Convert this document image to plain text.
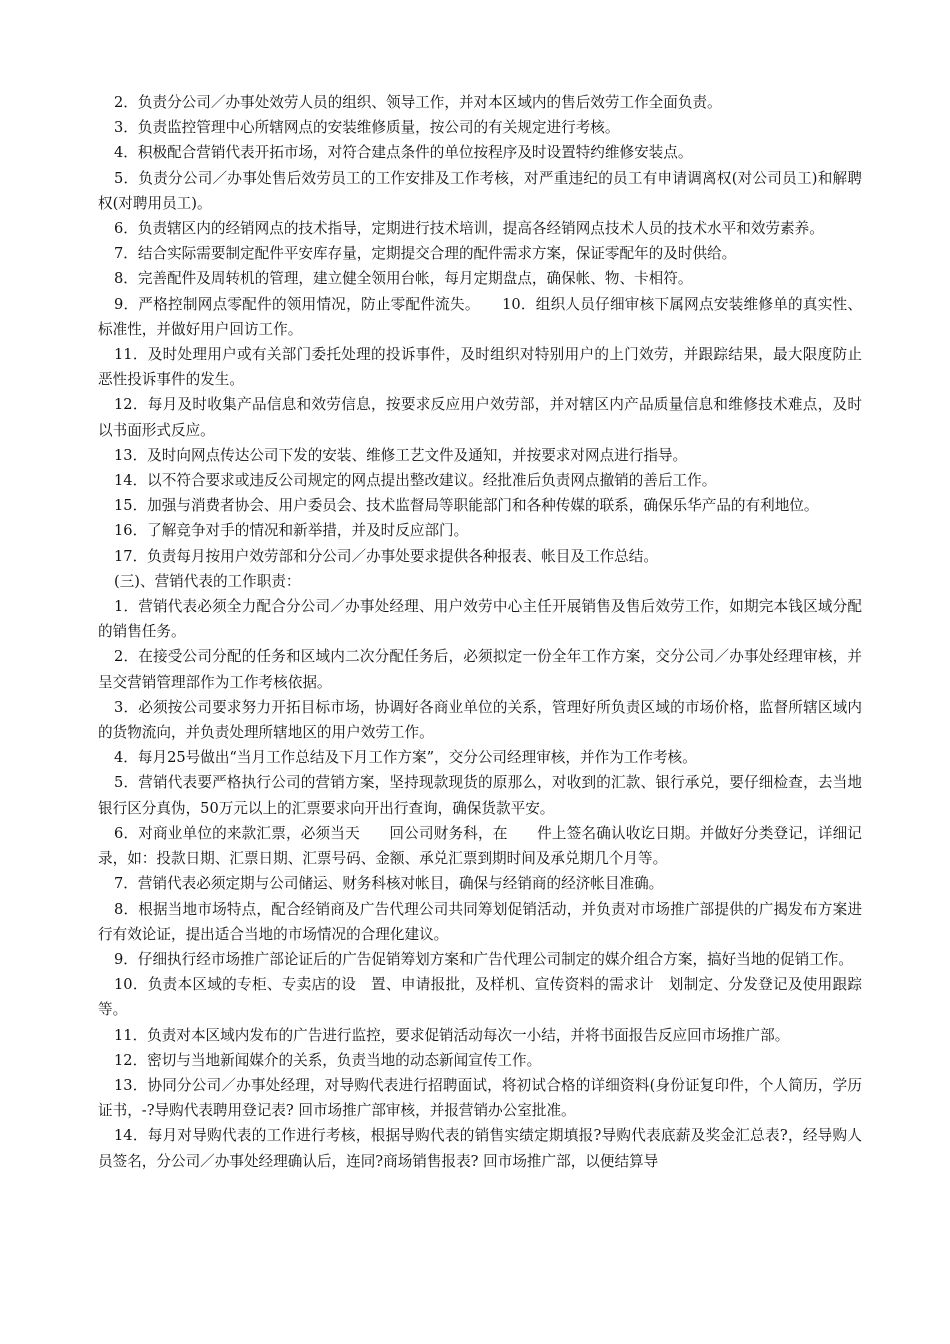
2．负责分公司／办事处效劳人员的组织、领导工作，并对本区域内的售后效劳工作全面负责。

3．负责监控管理中心所辖网点的安装维修质量，按公司的有关规定进行考核。

4．积极配合营销代表开拓市场，对符合建点条件的单位按程序及时设置特约维修安装点。

5．负责分公司／办事处售后效劳员工的工作安排及工作考核，对严重违纪的员工有申请调离权(对公司员工)和解聘权(对聘用员工)。

6．负责辖区内的经销网点的技术指导，定期进行技术培训，提高各经销网点技术人员的技术水平和效劳素养。

7．结合实际需要制定配件平安库存量，定期提交合理的配件需求方案，保证零配年的及时供给。

8．完善配件及周转机的管理，建立健全领用台帐，每月定期盘点，确保帐、物、卡相符。

9．严格控制网点零配件的领用情况，防止零配件流失。　　10．组织人员仔细审核下属网点安装维修单的真实性、标准性，并做好用户回访工作。

11．及时处理用户或有关部门委托处理的投诉事件，及时组织对特别用户的上门效劳，并跟踪结果，最大限度防止恶性投诉事件的发生。

12．每月及时收集产品信息和效劳信息，按要求反应用户效劳部，并对辖区内产品质量信息和维修技术难点，及时以书面形式反应。

13．及时向网点传达公司下发的安装、维修工艺文件及通知，并按要求对网点进行指导。

14．以不符合要求或违反公司规定的网点提出整改建议。经批准后负责网点撤销的善后工作。

15．加强与消费者协会、用户委员会、技术监督局等职能部门和各种传媒的联系，确保乐华产品的有利地位。

16．了解竞争对手的情况和新举措，并及时反应部门。

17．负责每月按用户效劳部和分公司／办事处要求提供各种报表、帐目及工作总结。

(三)、营销代表的工作职责：

1．营销代表必须全力配合分公司／办事处经理、用户效劳中心主任开展销售及售后效劳工作，如期完本钱区域分配的销售任务。

2．在接受公司分配的任务和区域内二次分配任务后，必须拟定一份全年工作方案，交分公司／办事处经理审核，并呈交营销管理部作为工作考核依据。

3．必须按公司要求努力开拓目标市场，协调好各商业单位的关系，管理好所负责区域的市场价格，监督所辖区域内的货物流向，并负责处理所辖地区的用户效劳工作。

4．每月25号做出“当月工作总结及下月工作方案”，交分公司经理审核，并作为工作考核。

5．营销代表要严格执行公司的营销方案，坚持现款现货的原那么，对收到的汇款、银行承兑，要仔细检查，去当地银行区分真伪，50万元以上的汇票要求向开出行查询，确保货款平安。

6．对商业单位的来款汇票，必须当天　　回公司财务科，在　　件上签名确认收讫日期。并做好分类登记，详细记录，如：投款日期、汇票日期、汇票号码、金额、承兑汇票到期时间及承兑期几个月等。

7．营销代表必须定期与公司储运、财务科核对帐目，确保与经销商的经济帐目准确。

8．根据当地市场特点，配合经销商及广告代理公司共同筹划促销活动，并负责对市场推广部提供的广揭发布方案进行有效论证，提出适合当地的市场情况的合理化建议。

9．仔细执行经市场推广部论证后的广告促销筹划方案和广告代理公司制定的媒介组合方案，搞好当地的促销工作。

10．负责本区域的专柜、专卖店的设　置、申请报批，及样机、宣传资料的需求计　划制定、分发登记及使用跟踪等。

11．负责对本区域内发布的广告进行监控，要求促销活动每次一小结，并将书面报告反应回市场推广部。

12．密切与当地新闻媒介的关系，负责当地的动态新闻宣传工作。

13．协同分公司／办事处经理，对导购代表进行招聘面试，将初试合格的详细资料(身份证复印件，个人简历，学历证书，-?导购代表聘用登记表? 回市场推广部审核，并报营销办公室批准。

14．每月对导购代表的工作进行考核，根据导购代表的销售实绩定期填报?导购代表底薪及奖金汇总表?，经导购人员签名，分公司／办事处经理确认后，连同?商场销售报表? 回市场推广部，以便结算导
